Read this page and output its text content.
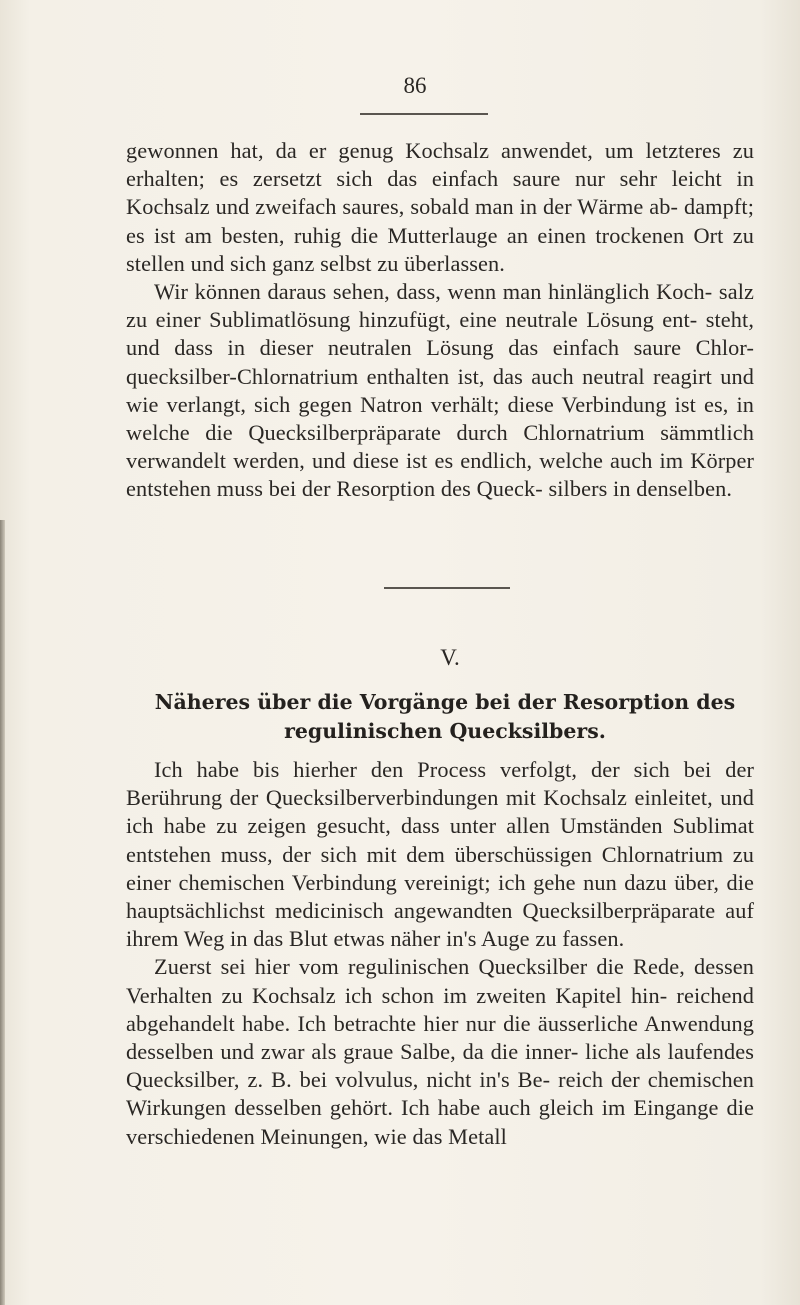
86

gewonnen hat, da er genug Kochsalz anwendet, um letzteres zu erhalten; es zersetzt sich das einfach saure nur sehr leicht in Kochsalz und zweifach saures, sobald man in der Wärme ab- dampft; es ist am besten, ruhig die Mutterlauge an einen trockenen Ort zu stellen und sich ganz selbst zu überlassen.

Wir können daraus sehen, dass, wenn man hinlänglich Koch- salz zu einer Sublimatlösung hinzufügt, eine neutrale Lösung ent- steht, und dass in dieser neutralen Lösung das einfach saure Chlor- quecksilber-Chlornatrium enthalten ist, das auch neutral reagirt und wie verlangt, sich gegen Natron verhält; diese Verbindung ist es, in welche die Quecksilberpräparate durch Chlornatrium sämmtlich verwandelt werden, und diese ist es endlich, welche auch im Körper entstehen muss bei der Resorption des Queck- silbers in denselben.

V.
Näheres über die Vorgänge bei der Resorption des regulinischen Quecksilbers.

Ich habe bis hierher den Process verfolgt, der sich bei der Berührung der Quecksilberverbindungen mit Kochsalz einleitet, und ich habe zu zeigen gesucht, dass unter allen Umständen Sublimat entstehen muss, der sich mit dem überschüssigen Chlornatrium zu einer chemischen Verbindung vereinigt; ich gehe nun dazu über, die hauptsächlichst medicinisch angewandten Quecksilberpräparate auf ihrem Weg in das Blut etwas näher in's Auge zu fassen.

Zuerst sei hier vom regulinischen Quecksilber die Rede, dessen Verhalten zu Kochsalz ich schon im zweiten Kapitel hin- reichend abgehandelt habe. Ich betrachte hier nur die äusserliche Anwendung desselben und zwar als graue Salbe, da die inner- liche als laufendes Quecksilber, z. B. bei volvulus, nicht in's Be- reich der chemischen Wirkungen desselben gehört. Ich habe auch gleich im Eingange die verschiedenen Meinungen, wie das Metall
